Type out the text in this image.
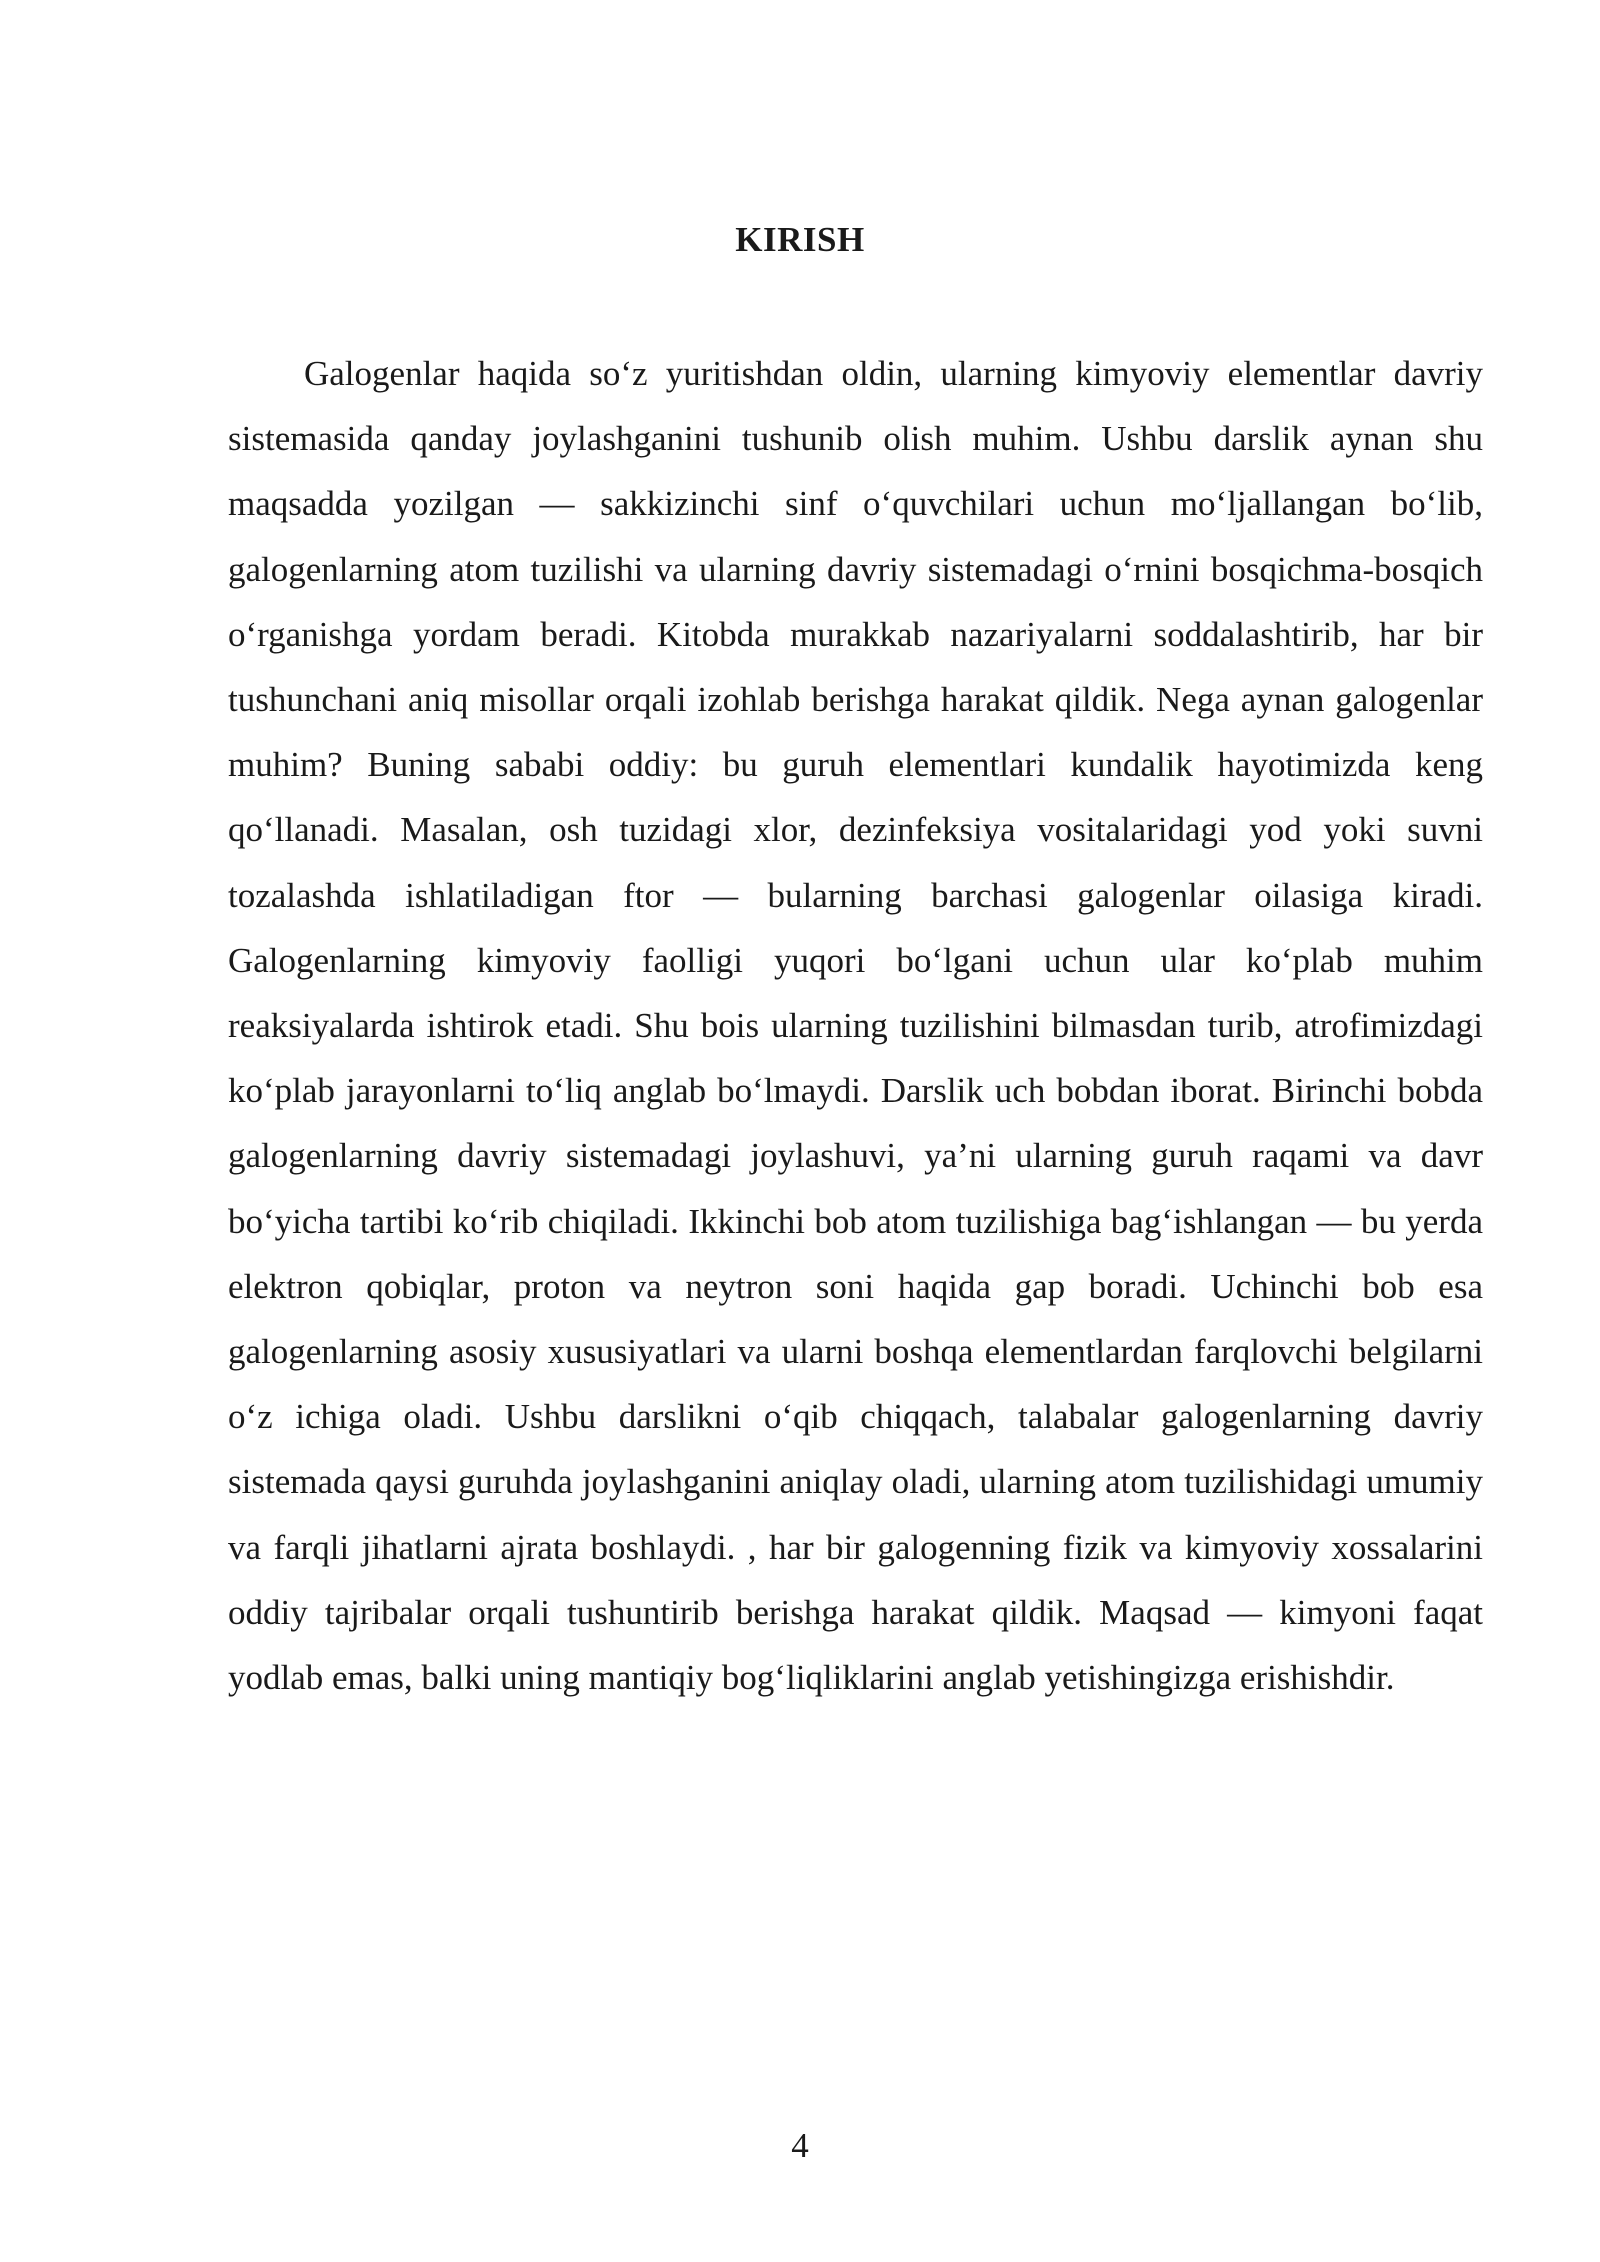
KIRISH

Galogenlar haqida so‘z yuritishdan oldin, ularning kimyoviy elementlar davriy sistemasida qanday joylashganini tushunib olish muhim. Ushbu darslik aynan shu maqsadda yozilgan — sakkizinchi sinf o‘quvchilari uchun mo‘ljallangan bo‘lib, galogenlarning atom tuzilishi va ularning davriy sistemadagi o‘rnini bosqichma-bosqich o‘rganishga yordam beradi. Kitobda murakkab nazariyalarni soddalashtirib, har bir tushunchani aniq misollar orqali izohlab berishga harakat qildik. Nega aynan galogenlar muhim? Buning sababi oddiy: bu guruh elementlari kundalik hayotimizda keng qo‘llanadi. Masalan, osh tuzidagi xlor, dezinfeksiya vositalaridagi yod yoki suvni tozalashda ishlatiladigan ftor — bularning barchasi galogenlar oilasiga kiradi. Galogenlarning kimyoviy faolligi yuqori bo‘lgani uchun ular ko‘plab muhim reaksiyalarda ishtirok etadi. Shu bois ularning tuzilishini bilmasdan turib, atrofimizdagi ko‘plab jarayonlarni to‘liq anglab bo‘lmaydi. Darslik uch bobdan iborat. Birinchi bobda galogenlarning davriy sistemadagi joylashuvi, ya’ni ularning guruh raqami va davr bo‘yicha tartibi ko‘rib chiqiladi. Ikkinchi bob atom tuzilishiga bag‘ishlangan — bu yerda elektron qobiqlar, proton va neytron soni haqida gap boradi. Uchinchi bob esa galogenlarning asosiy xususiyatlari va ularni boshqa elementlardan farqlovchi belgilarni o‘z ichiga oladi. Ushbu darslikni o‘qib chiqqach, talabalar galogenlarning davriy sistemada qaysi guruhda joylashganini aniqlay oladi, ularning atom tuzilishidagi umumiy va farqli jihatlarni ajrata boshlaydi. , har bir galogenning fizik va kimyoviy xossalarini oddiy tajribalar orqali tushuntirib berishga harakat qildik. Maqsad — kimyoni faqat yodlab emas, balki uning mantiqiy bog‘liqliklarini anglab yetishingizga erishishdir.

4
